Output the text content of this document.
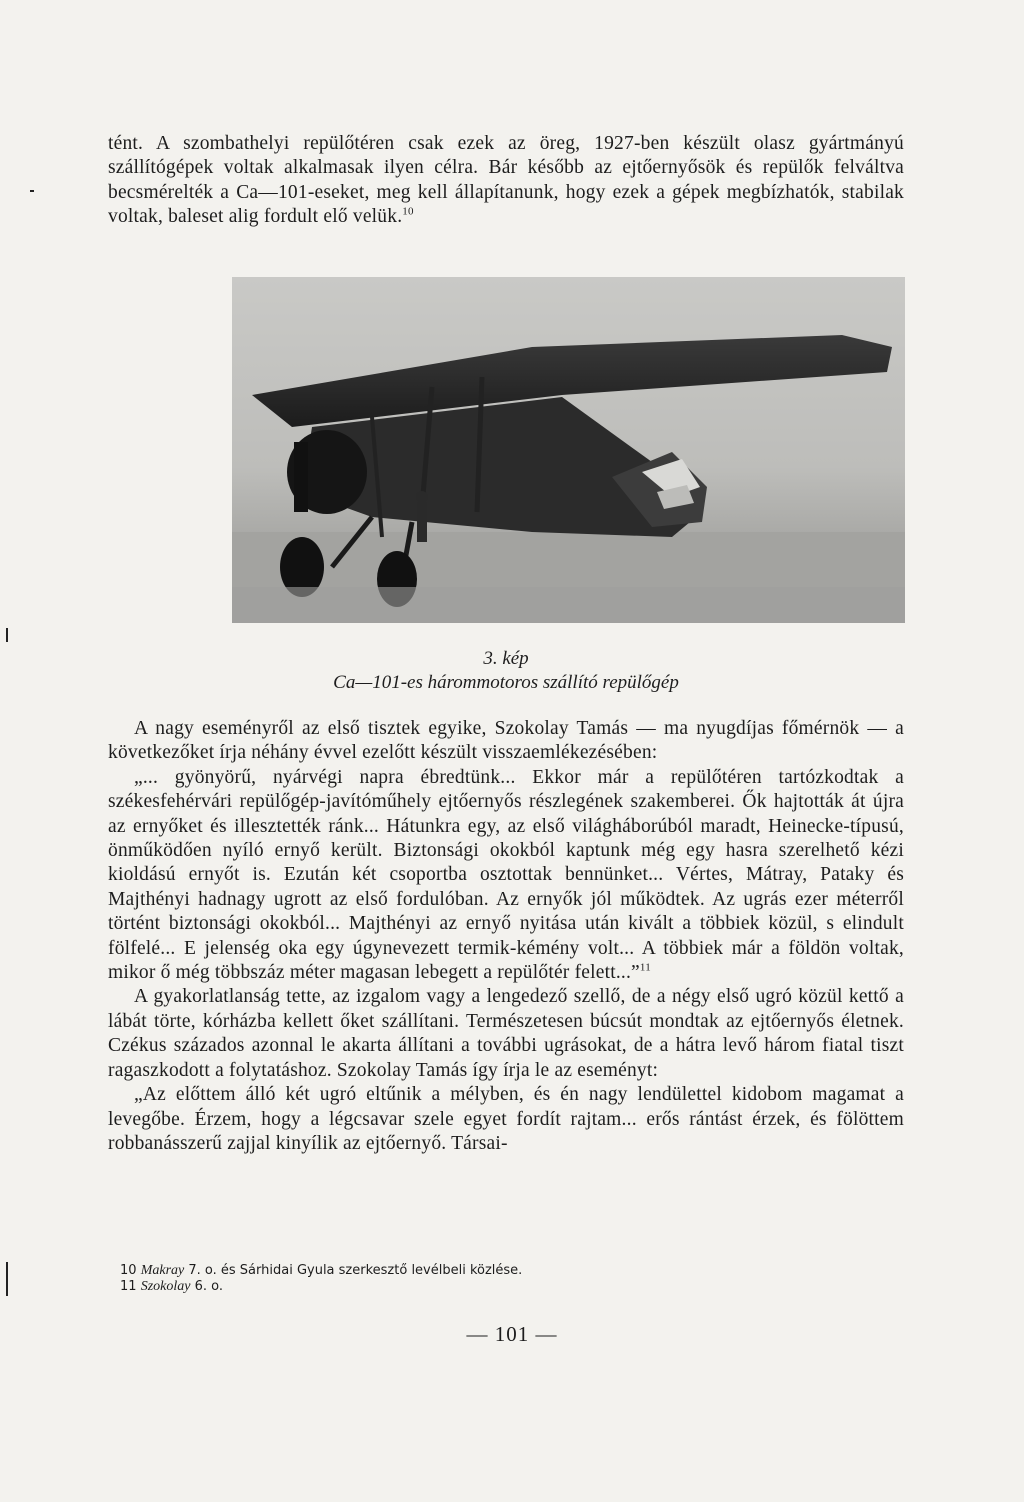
tént. A szombathelyi repülőtéren csak ezek az öreg, 1927-ben készült olasz gyártmányú szállítógépek voltak alkalmasak ilyen célra. Bár később az ejtőernyősök és repülők felváltva becsmérelték a Ca—101-eseket, meg kell állapítanunk, hogy ezek a gépek megbízhatók, stabilak voltak, baleset alig fordult elő velük.$^{10}$

3. kép
Ca—101-es hárommotoros szállító repülőgép

A nagy eseményről az első tisztek egyike, Szokolay Tamás — ma nyugdíjas főmérnök — a következőket írja néhány évvel ezelőtt készült visszaemlékezésében:

„... gyönyörű, nyárvégi napra ébredtünk... Ekkor már a repülőtéren tartózkodtak a székesfehérvári repülőgép-javítóműhely ejtőernyős részlegének szakemberei. Ők hajtották át újra az ernyőket és illesztették ránk... Hátunkra egy, az első világháborúból maradt, Heinecke-típusú, önműködően nyíló ernyő került. Biztonsági okokból kaptunk még egy hasra szerelhető kézi kioldású ernyőt is. Ezután két csoportba osztottak bennünket... Vértes, Mátray, Pataky és Majthényi hadnagy ugrott az első fordulóban. Az ernyők jól működtek. Az ugrás ezer méterről történt biztonsági okokból... Majthényi az ernyő nyitása után kivált a többiek közül, s elindult fölfelé... E jelenség oka egy úgynevezett termik-kémény volt... A többiek már a földön voltak, mikor ő még többszáz méter magasan lebegett a repülőtér felett...”$^{11}$

A gyakorlatlanság tette, az izgalom vagy a lengedező szellő, de a négy első ugró közül kettő a lábát törte, kórházba kellett őket szállítani. Természetesen búcsút mondtak az ejtőernyős életnek. Czékus százados azonnal le akarta állítani a további ugrásokat, de a hátra levő három fiatal tiszt ragaszkodott a folytatáshoz. Szokolay Tamás így írja le az eseményt:

„Az előttem álló két ugró eltűnik a mélyben, és én nagy lendülettel kidobom magamat a levegőbe. Érzem, hogy a légcsavar szele egyet fordít rajtam... erős rántást érzek, és fölöttem robbanásszerű zajjal kinyílik az ejtőernyő. Társai-

10 Makray 7. o. és Sárhidai Gyula szerkesztő levélbeli közlése.

11 Szokolay 6. o.

— 101 —
